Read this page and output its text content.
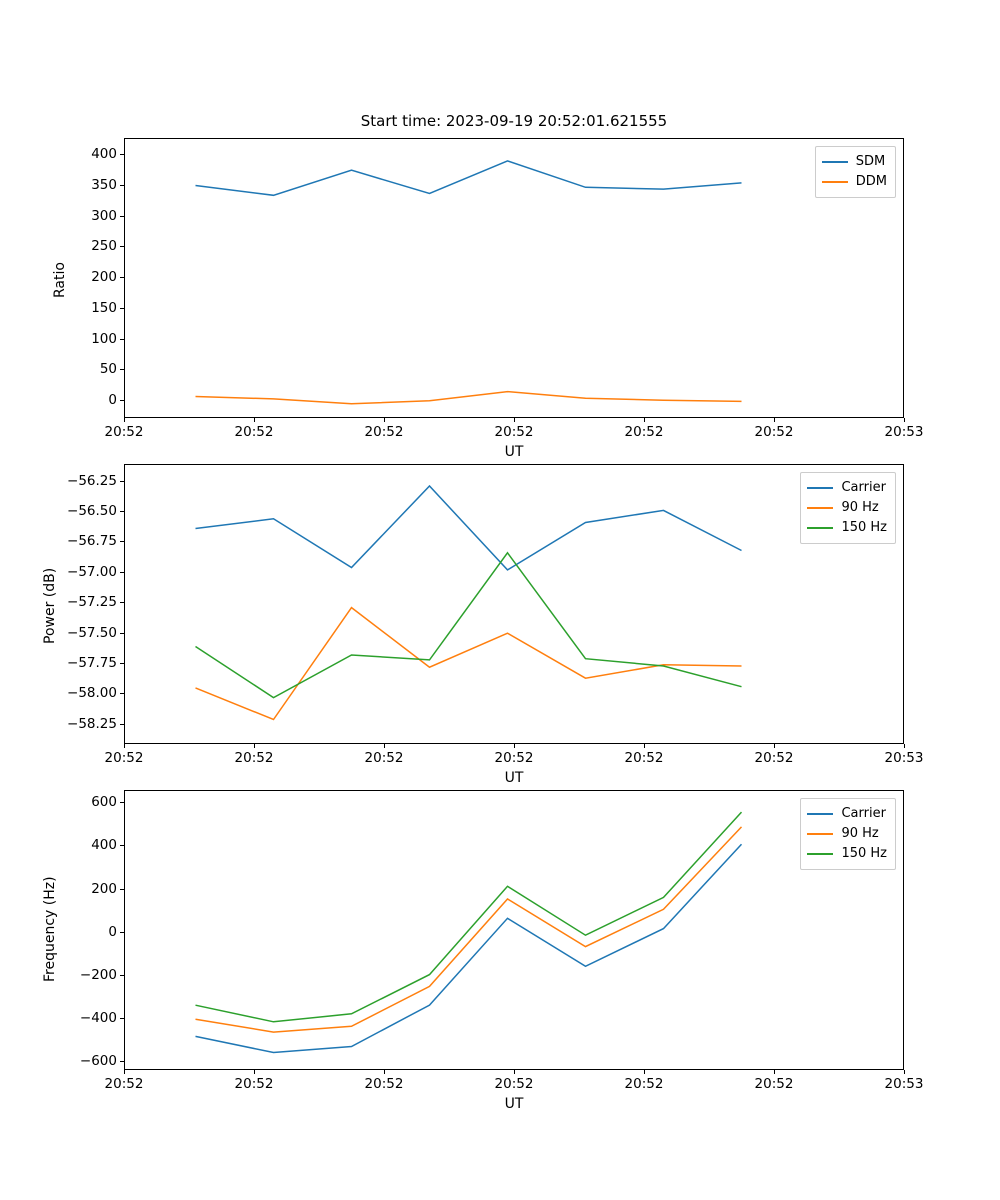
Start time: 2023-09-19 20:52:01.621555
0
50
100
150
200
250
300
350
400
20:52	20:52	20:52	20:52	20:52	20:52	20:53
UT
Ratio
SDM
DDM
−58.25
−58.00
−57.75
−57.50
−57.25
−57.00
−56.75
−56.50
−56.25
20:52	20:52	20:52	20:52	20:52	20:52	20:53
UT
Power (dB)
Carrier
90 Hz
150 Hz
−600
−400
−200
0
200
400
600
20:52	20:52	20:52	20:52	20:52	20:52	20:53
UT
Frequency (Hz)
Carrier
90 Hz
150 Hz
